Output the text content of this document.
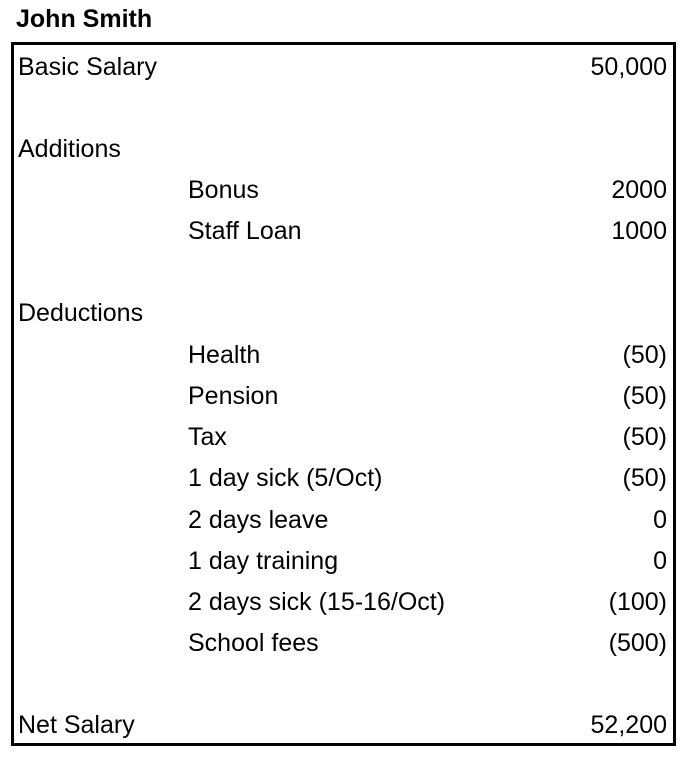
John Smith
Basic Salary	50,000
Additions
Bonus	2000
Staff Loan	1000
Deductions
Health	(50)
Pension	(50)
Tax	(50)
1 day sick (5/Oct)	(50)
2 days leave	0
1 day training	0
2 days sick (15-16/Oct)	(100)
School fees	(500)
Net Salary	52,200
